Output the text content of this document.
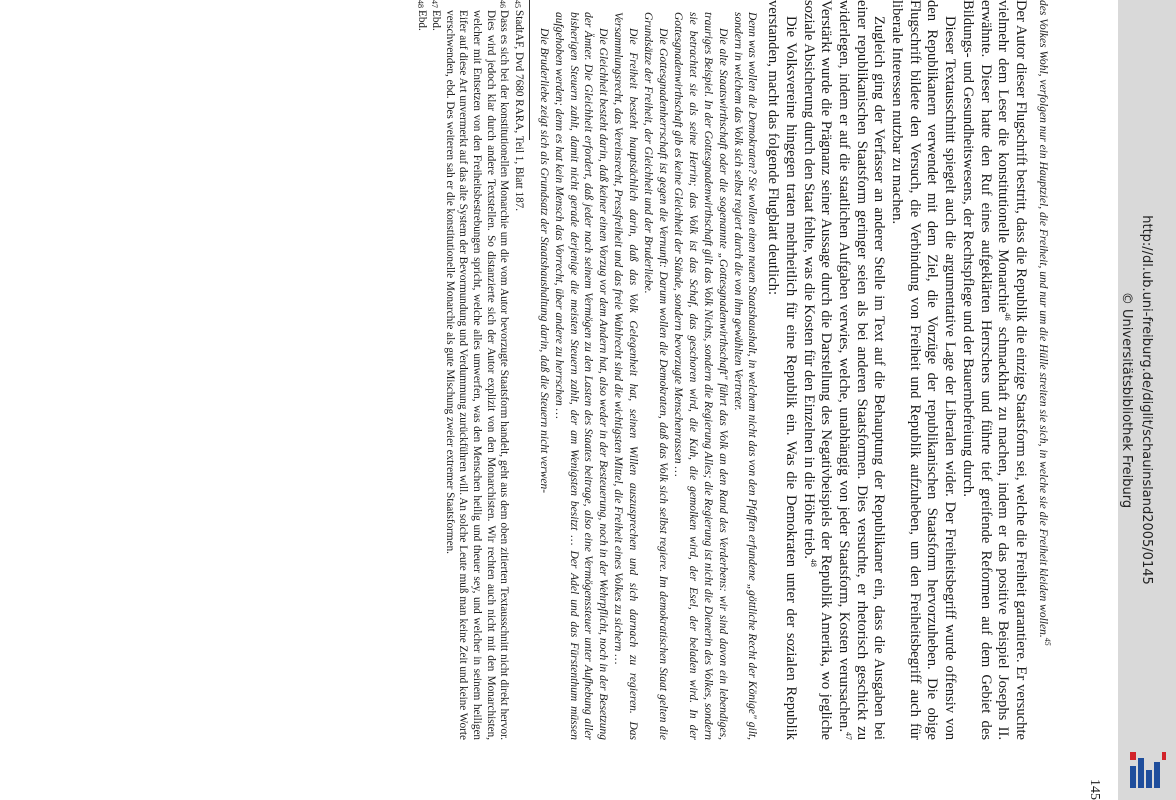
http://dl.ub.uni-freiburg.de/diglit/schauinsland2005/0145
© Universitätsbibliothek Freiburg
145

des Volkes Wohl, verfolgen nur ein Hauptziel, die Freiheit, und nur um die Hülle streiten sie sich, in welche sie die Freiheit kleiden wollen.$^{45}$

Der Autor dieser Flugschrift bestritt, dass die Republik die einzige Staatsform sei, welche die Freiheit garantiere. Er versuchte vielmehr dem Leser die konstitutionelle Monarchie$^{46}$ schmackhaft zu machen, indem er das positive Beispiel Josephs II. erwähnte. Dieser hatte den Ruf eines aufgeklärten Herrschers und führte tief greifende Reformen auf dem Gebiet des Bildungs- und Gesundheitswesens, der Rechtspflege und der Bauernbefreiung durch.

Dieser Textausschnitt spiegelt auch die argumentative Lage der Liberalen wider. Der Freiheitsbegriff wurde offensiv von den Republikanern verwendet mit dem Ziel, die Vorzüge der republikanischen Staatsform hervorzuheben. Die obige Flugschrift bildete den Versuch, die Verbindung von Freiheit und Republik aufzuheben, um den Freiheitsbegriff auch für liberale Interessen nutzbar zu machen.

Zugleich ging der Verfasser an anderer Stelle im Text auf die Behauptung der Republikaner ein, dass die Ausgaben bei einer republikanischen Staatsform geringer seien als bei anderen Staatsformen. Dies versuchte, er rhetorisch geschickt zu widerlegen, indem er auf die staatlichen Aufgaben verwies, welche, unabhängig von jeder Staatsform, Kosten verursachen.$^{47}$ Verstärkt wurde die Prägnanz seiner Aussage durch die Darstellung des Negativbeispiels der Republik Amerika, wo jegliche soziale Absicherung durch den Staat fehlte, was die Kosten für den Einzelnen in die Höhe trieb.$^{48}$

Die Volksvereine hingegen traten mehrheitlich für eine Republik ein. Was die Demokraten unter der sozialen Republik verstanden, macht das folgende Flugblatt deutlich:

Denn was wollen die Demokraten? Sie wollen einen neuen Staatshaushalt, in welchem nicht das von den Pfaffen erfundene „göttliche Recht der Könige" gilt, sondern in welchem das Volk sich selbst regiert durch die von ihm gewählten Vertreter.

Die alte Staatswirthschaft oder die sogenannte „Gottesgnadenwirthschaft" führt das Volk an den Rand des Verderbens: wir sind davon ein lebendiges, trauriges Beispiel. In der Gottesgnadenwirthschaft gilt das Volk Nichts, sondern die Regierung Alles; die Regierung ist nicht die Dienerin des Volkes, sondern sie betrachtet sie als seine Herrin; das Volk ist das Schaf, das geschoren wird, die Kuh, die gemolken wird, der Esel, der beladen wird. In der Gottesgnadenwirthschaft gib es keine Gleichheit der Stände, sondern bevorzugte Menschenrassen …

Die Gottesgnadenherrschaft ist gegen die Vernunft: Darum wollen die Demokraten, daß das Volk sich selbst regiere. Im demokratischen Staat gelten die Grundsätze der Freiheit, der Gleichheit und der Bruderliebe.

Die Freiheit besteht hauptsächlich darin, daß das Volk Gelegenheit hat, seinen Willen auszusprechen und sich darnach zu regieren. Das Versammlungsrecht, das Vereinsrecht, Pressfreiheit und das freie Wahlrecht sind die wichtigsten Mittel, die Freiheit eines Volkes zu sichern …

Die Gleichheit besteht darin, daß keiner einen Vorzug vor dem Andern hat, also weder in der Besteuerung, noch in der Wehrpflicht, noch in der Besetzung der Ämter. Die Gleichheit erfordert, daß jeder nach seinem Vermögen zu den Lasten des Staates beitrage, also eine Vermögenssteuer unter Aufhebung aller bisherigen Steuern zahlt, damit nicht gerade derjenige die meisten Steuern zahlt, der am Wenigsten besitzt … Der Adel und das Fürstenthum müssen aufgehoben werden; denn es hat kein Mensch das Vorrecht, über andere zu herrschen …

Die Bruderliebe zeigt sich als Grundsatz der Staatshaushaltung darin, daß die Steuern nicht verwen-

45
StadtAF, Dvd 7680 RARA, Teil 1, Blatt 187.
46
Dass es sich bei der konstitutionellen Monarchie um die vom Autor bevorzugte Staatsform handelt, geht aus dem oben zitierten Textausschnitt nicht direkt hervor. Dies wird jedoch klar durch andere Textstellen. So distanzierte sich der Autor explizit von den Monarchisten. Wir rechten auch nicht mit den Monarchisten, welcher mit Entsetzen von den Freiheitsbestrebungen spricht, welche alles umwerfen, was den Menschen heilig und theuer sey, und welcher in seinem heiligen Eifer auf diese Art unvermerkt auf das alte System der Bevormundung und Verdummung zurückführen will. An solche Leute muß man keine Zeit und keine Worte verschwenden, ebd. Des weiteren sah er die konstitutionelle Monarchie als gute Mischung zweier extremer Staatsformen.
47
Ebd.
48
Ebd.
